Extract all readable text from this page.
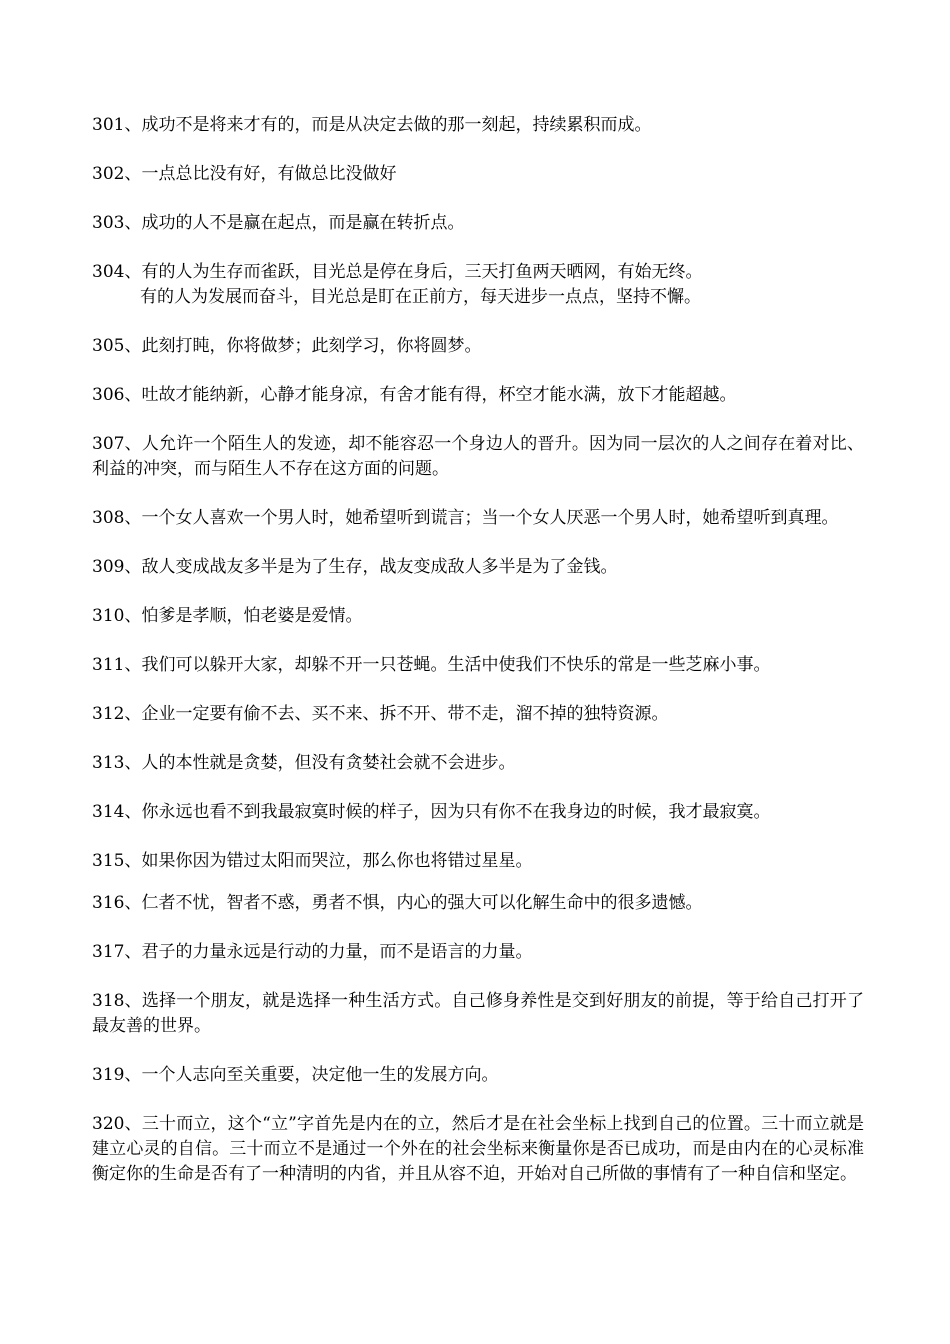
301、成功不是将来才有的，而是从决定去做的那一刻起，持续累积而成。

302、一点总比没有好，有做总比没做好

303、成功的人不是赢在起点，而是赢在转折点。

304、有的人为生存而雀跃，目光总是停在身后，三天打鱼两天晒网，有始无终。
有的人为发展而奋斗，目光总是盯在正前方，每天进步一点点，坚持不懈。

305、此刻打盹，你将做梦；此刻学习，你将圆梦。

306、吐故才能纳新，心静才能身凉，有舍才能有得，杯空才能水满，放下才能超越。

307、人允许一个陌生人的发迹，却不能容忍一个身边人的晋升。因为同一层次的人之间存在着对比、利益的冲突，而与陌生人不存在这方面的问题。

308、一个女人喜欢一个男人时，她希望听到谎言；当一个女人厌恶一个男人时，她希望听到真理。

309、敌人变成战友多半是为了生存，战友变成敌人多半是为了金钱。

310、怕爹是孝顺，怕老婆是爱情。

311、我们可以躲开大家，却躲不开一只苍蝇。生活中使我们不快乐的常是一些芝麻小事。

312、企业一定要有偷不去、买不来、拆不开、带不走，溜不掉的独特资源。

313、人的本性就是贪婪，但没有贪婪社会就不会进步。

314、你永远也看不到我最寂寞时候的样子，因为只有你不在我身边的时候，我才最寂寞。

315、如果你因为错过太阳而哭泣，那么你也将错过星星。

316、仁者不忧，智者不惑，勇者不惧，内心的强大可以化解生命中的很多遗憾。

317、君子的力量永远是行动的力量，而不是语言的力量。

318、选择一个朋友，就是选择一种生活方式。自己修身养性是交到好朋友的前提，等于给自己打开了最友善的世界。

319、一个人志向至关重要，决定他一生的发展方向。

320、三十而立，这个“立”字首先是内在的立，然后才是在社会坐标上找到自己的位置。三十而立就是建立心灵的自信。三十而立不是通过一个外在的社会坐标来衡量你是否已成功，而是由内在的心灵标准衡定你的生命是否有了一种清明的内省，并且从容不迫，开始对自己所做的事情有了一种自信和坚定。
